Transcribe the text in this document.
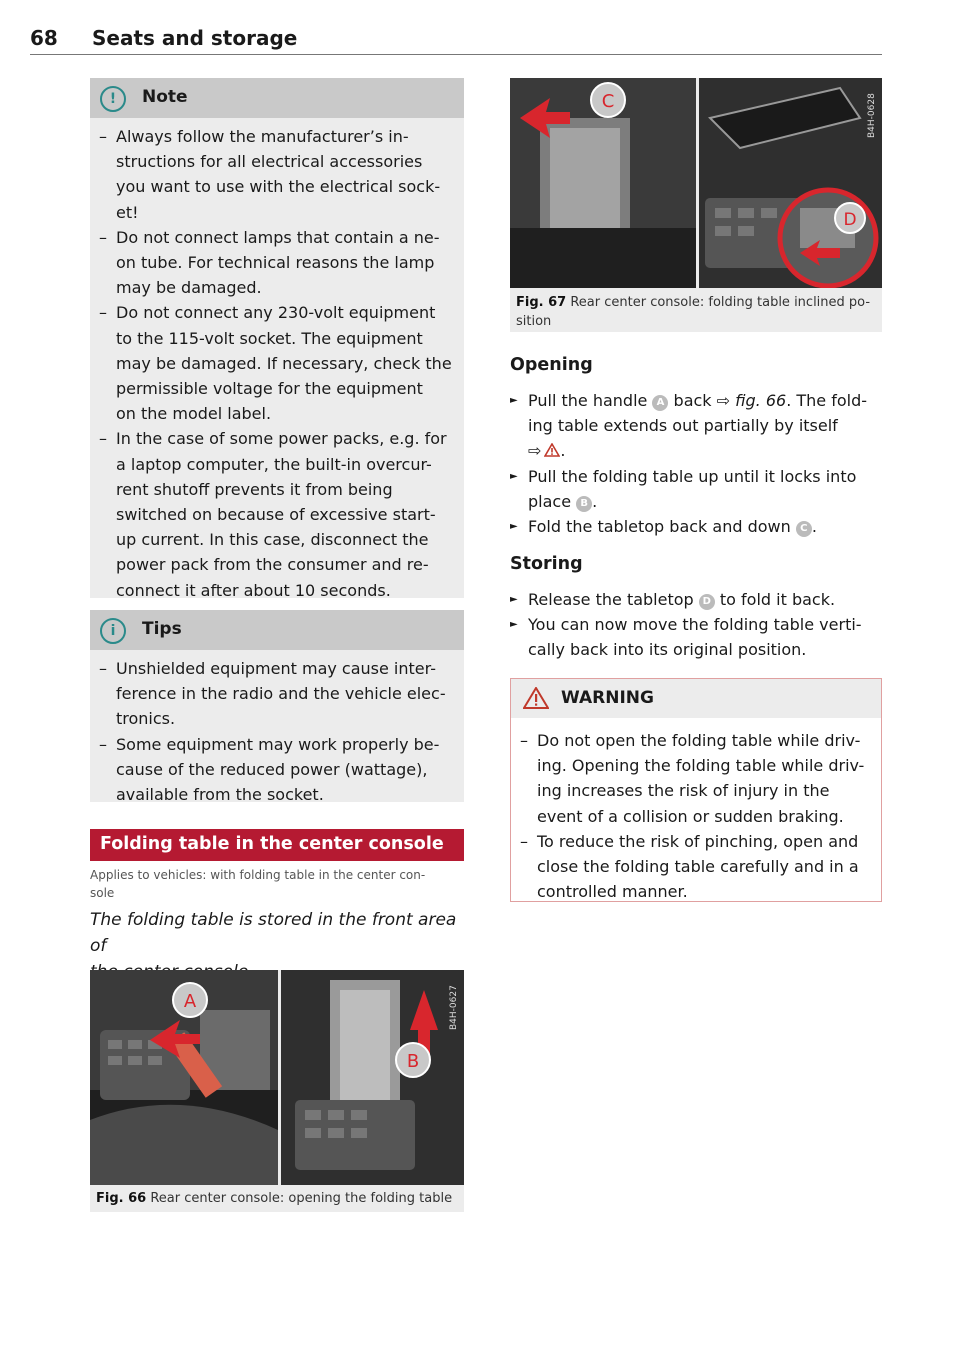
68 Seats and storage
!	Note
– Always follow the manufacturer’s in-
structions for all electrical accessories
you want to use with the electrical sock-
et!
– Do not connect lamps that contain a ne-
on tube. For technical reasons the lamp
may be damaged.
– Do not connect any 230-volt equipment
to the 115-volt socket. The equipment
may be damaged. If necessary, check the
permissible voltage for the equipment
on the model label.
– In the case of some power packs, e.g. for
a laptop computer, the built-in overcur-
rent shutoff prevents it from being
switched on because of excessive start-
up current. In this case, disconnect the
power pack from the consumer and re-
connect it after about 10 seconds.
i	Tips
– Unshielded equipment may cause inter-
ference in the radio and the vehicle elec-
tronics.
– Some equipment may work properly be-
cause of the reduced power (wattage),
available from the socket.
Folding table in the center console
Applies to vehicles: with folding table in the center con-
sole
The folding table is stored in the front area of

A
B
B4H-0627
Fig. 66 Rear center console: opening the folding table
C
D
B4H-0628
Fig. 67 Rear center console: folding table inclined po-
sition
Opening
► Pull the handle A back ⇨ fig. 66. The fold-
ing table extends out partially by itself
⇨ .
► Pull the folding table up until it locks into
place B .
► Fold the tabletop back and down C .
Storing
► Release the tabletop D to fold it back.
► You can now move the folding table verti-
cally back into its original position.
WARNING
– Do not open the folding table while driv-
ing. Opening the folding table while driv-
ing increases the risk of injury in the
event of a collision or sudden braking.
– To reduce the risk of pinching, open and
close the folding table carefully and in a
controlled manner.
